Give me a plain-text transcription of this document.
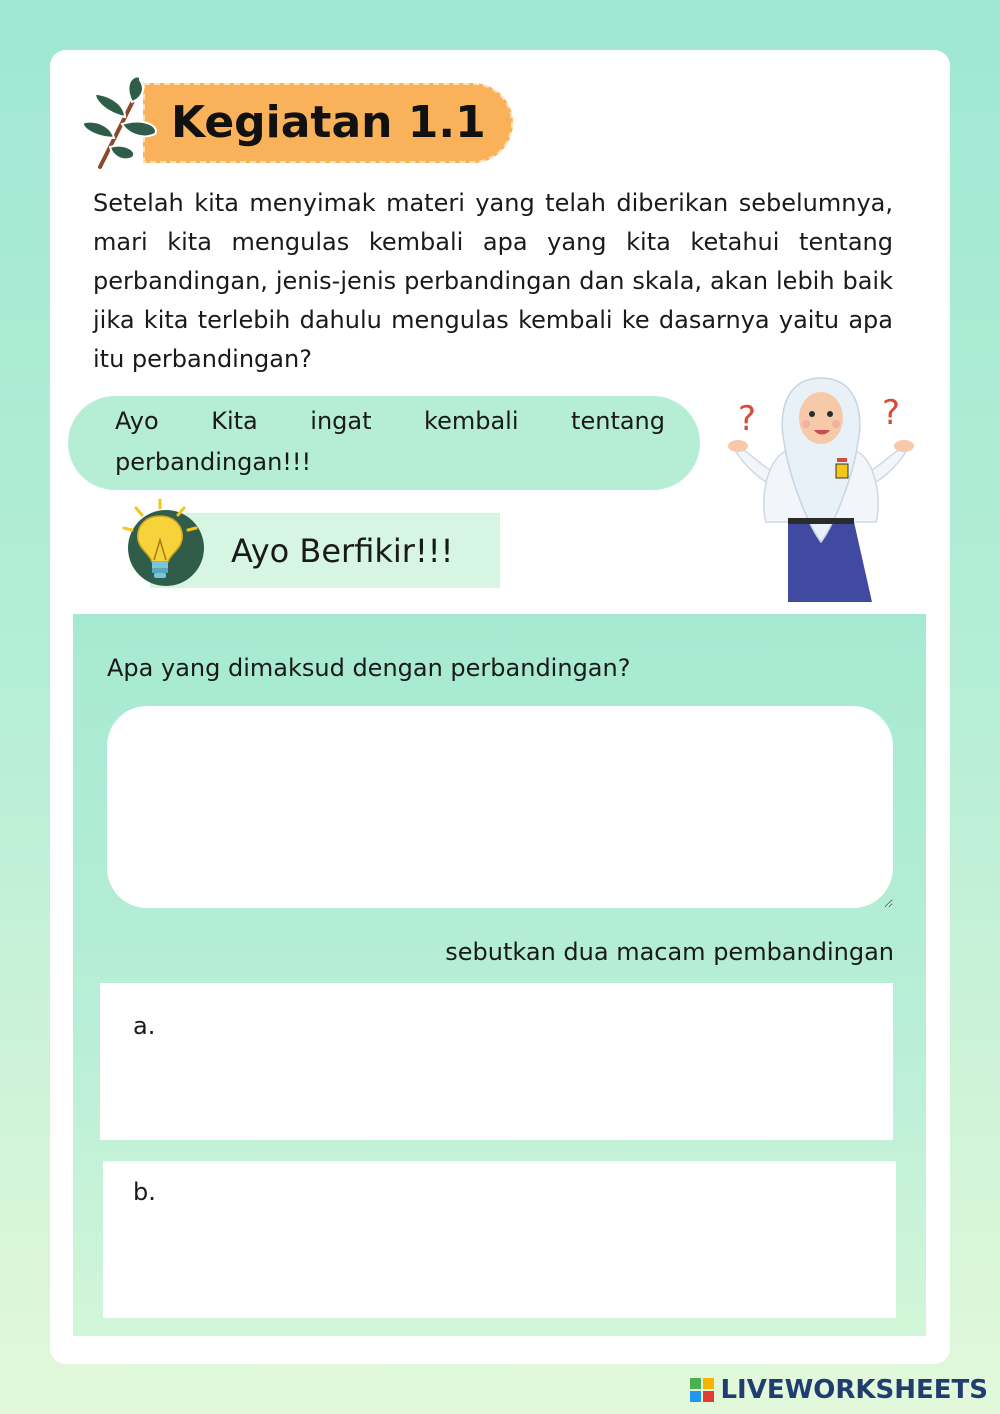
Kegiatan 1.1
Setelah kita menyimak materi yang telah diberikan sebelumnya, mari kita mengulas kembali apa yang kita ketahui tentang perbandingan, jenis-jenis perbandingan dan skala, akan lebih baik jika kita terlebih dahulu mengulas kembali ke dasarnya yaitu apa itu perbandingan?
Ayo Kita ingat kembali tentang perbandingan!!!
Ayo Berfikir!!!
?	?
Apa yang dimaksud dengan perbandingan?
sebutkan dua macam pembandingan
a.
b.
LIVEWORKSHEETS
